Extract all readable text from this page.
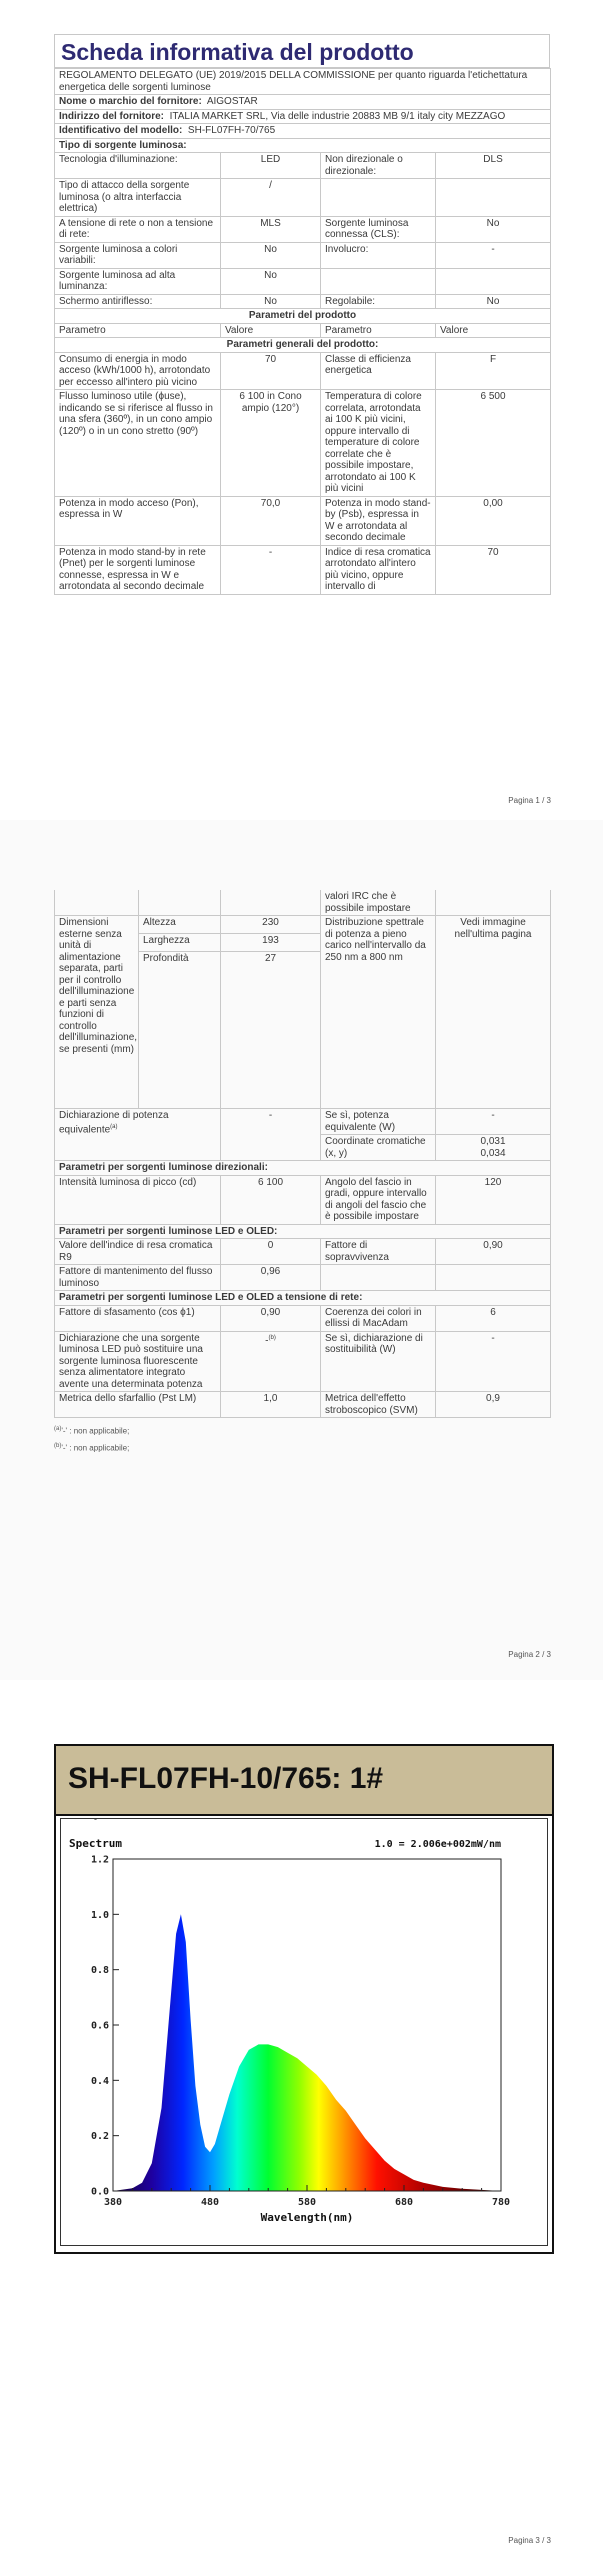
Scheda informativa del prodotto
REGOLAMENTO DELEGATO (UE) 2019/2015 DELLA COMMISSIONE per quanto riguarda l'etichettatura energetica delle sorgenti luminose			
Nome o marchio del fornitore: AIGOSTAR			
Indirizzo del fornitore: ITALIA MARKET SRL, Via delle industrie 20883 MB 9/1 italy city MEZZAGO			
Identificativo del modello: SH-FL07FH-70/765			
Tipo di sorgente luminosa:			
Tecnologia d'illuminazione:	LED	Non direzionale o direzionale:	DLS
Tipo di attacco della sorgente luminosa (o altra interfaccia elettrica)	/		
A tensione di rete o non a tensione di rete:	MLS	Sorgente luminosa connessa (CLS):	No
Sorgente luminosa a colori variabili:	No	Involucro:	-
Sorgente luminosa ad alta luminanza:	No		
Schermo antiriflesso:	No	Regolabile:	No
Parametri del prodotto			
Parametro	Valore	Parametro	Valore
Parametri generali del prodotto:			
Consumo di energia in modo acceso (kWh/1000 h), arrotondato per eccesso all'intero più vicino	70	Classe di efficienza energetica	F
Flusso luminoso utile (ϕuse), indicando se si riferisce al flusso in una sfera (360º), in un cono ampio (120º) o in un cono stretto (90º)	6 100 in Cono ampio (120°)	Temperatura di colore correlata, arrotondata ai 100 K più vicini, oppure intervallo di temperature di colore correlate che è possibile impostare, arrotondato ai 100 K più vicini	6 500
Potenza in modo acceso (Pon), espressa in W	70,0	Potenza in modo stand-by (Psb), espressa in W e arrotondata al secondo decimale	0,00
Potenza in modo stand-by in rete (Pnet) per le sorgenti luminose connesse, espressa in W e arrotondata al secondo decimale	-	Indice di resa cromatica arrotondato all'intero più vicino, oppure intervallo di	70
Pagina 1 / 3
			valori IRC che è possibile impostare	
Dimensioni esterne senza unità di alimentazione separata, parti per il controllo dell'illuminazione e parti senza funzioni di controllo dell'illuminazione, se presenti (mm)	Altezza	230	Distribuzione spettrale di potenza a pieno carico nell'intervallo da 250 nm a 800 nm	Vedi immagine nell'ultima pagina
	Larghezza	193		
	Profondità	27		
Dichiarazione di potenza equivalente$^{(a)}$		-	Se sì, potenza equivalente (W)	-
			Coordinate cromatiche (x, y)	0,031
0,034

Parametri per sorgenti luminose direzionali:				
Intensità luminosa di picco (cd)		6 100	Angolo del fascio in gradi, oppure intervallo di angoli del fascio che è possibile impostare	120
Parametri per sorgenti luminose LED e OLED:				
Valore dell'indice di resa cromatica R9		0	Fattore di sopravvivenza	0,90
Fattore di mantenimento del flusso luminoso		0,96		
Parametri per sorgenti luminose LED e OLED a tensione di rete:				
Fattore di sfasamento (cos ϕ1)		0,90	Coerenza dei colori in ellissi di MacAdam	6
Dichiarazione che una sorgente luminosa LED può sostituire una sorgente luminosa fluorescente senza alimentatore integrato avente una determinata potenza		-$^{(b)}$	Se sì, dichiarazione di sostituibilità (W)	-
Metrica dello sfarfallio (Pst LM)		1,0	Metrica dell'effetto stroboscopico (SVM)	0,9
$^{(a)}$'-' : non applicabile;
$^{(b)}$'-' : non applicabile;
Pagina 2 / 3
SH-FL07FH-10/765: 1#
-
380	480	580	680	780
0.0
0.2
0.4
0.6
0.8
1.0
1.2
Spectrum	1.0 = 2.006e+002mW/nm
Wavelength(nm)
Pagina 3 / 3
